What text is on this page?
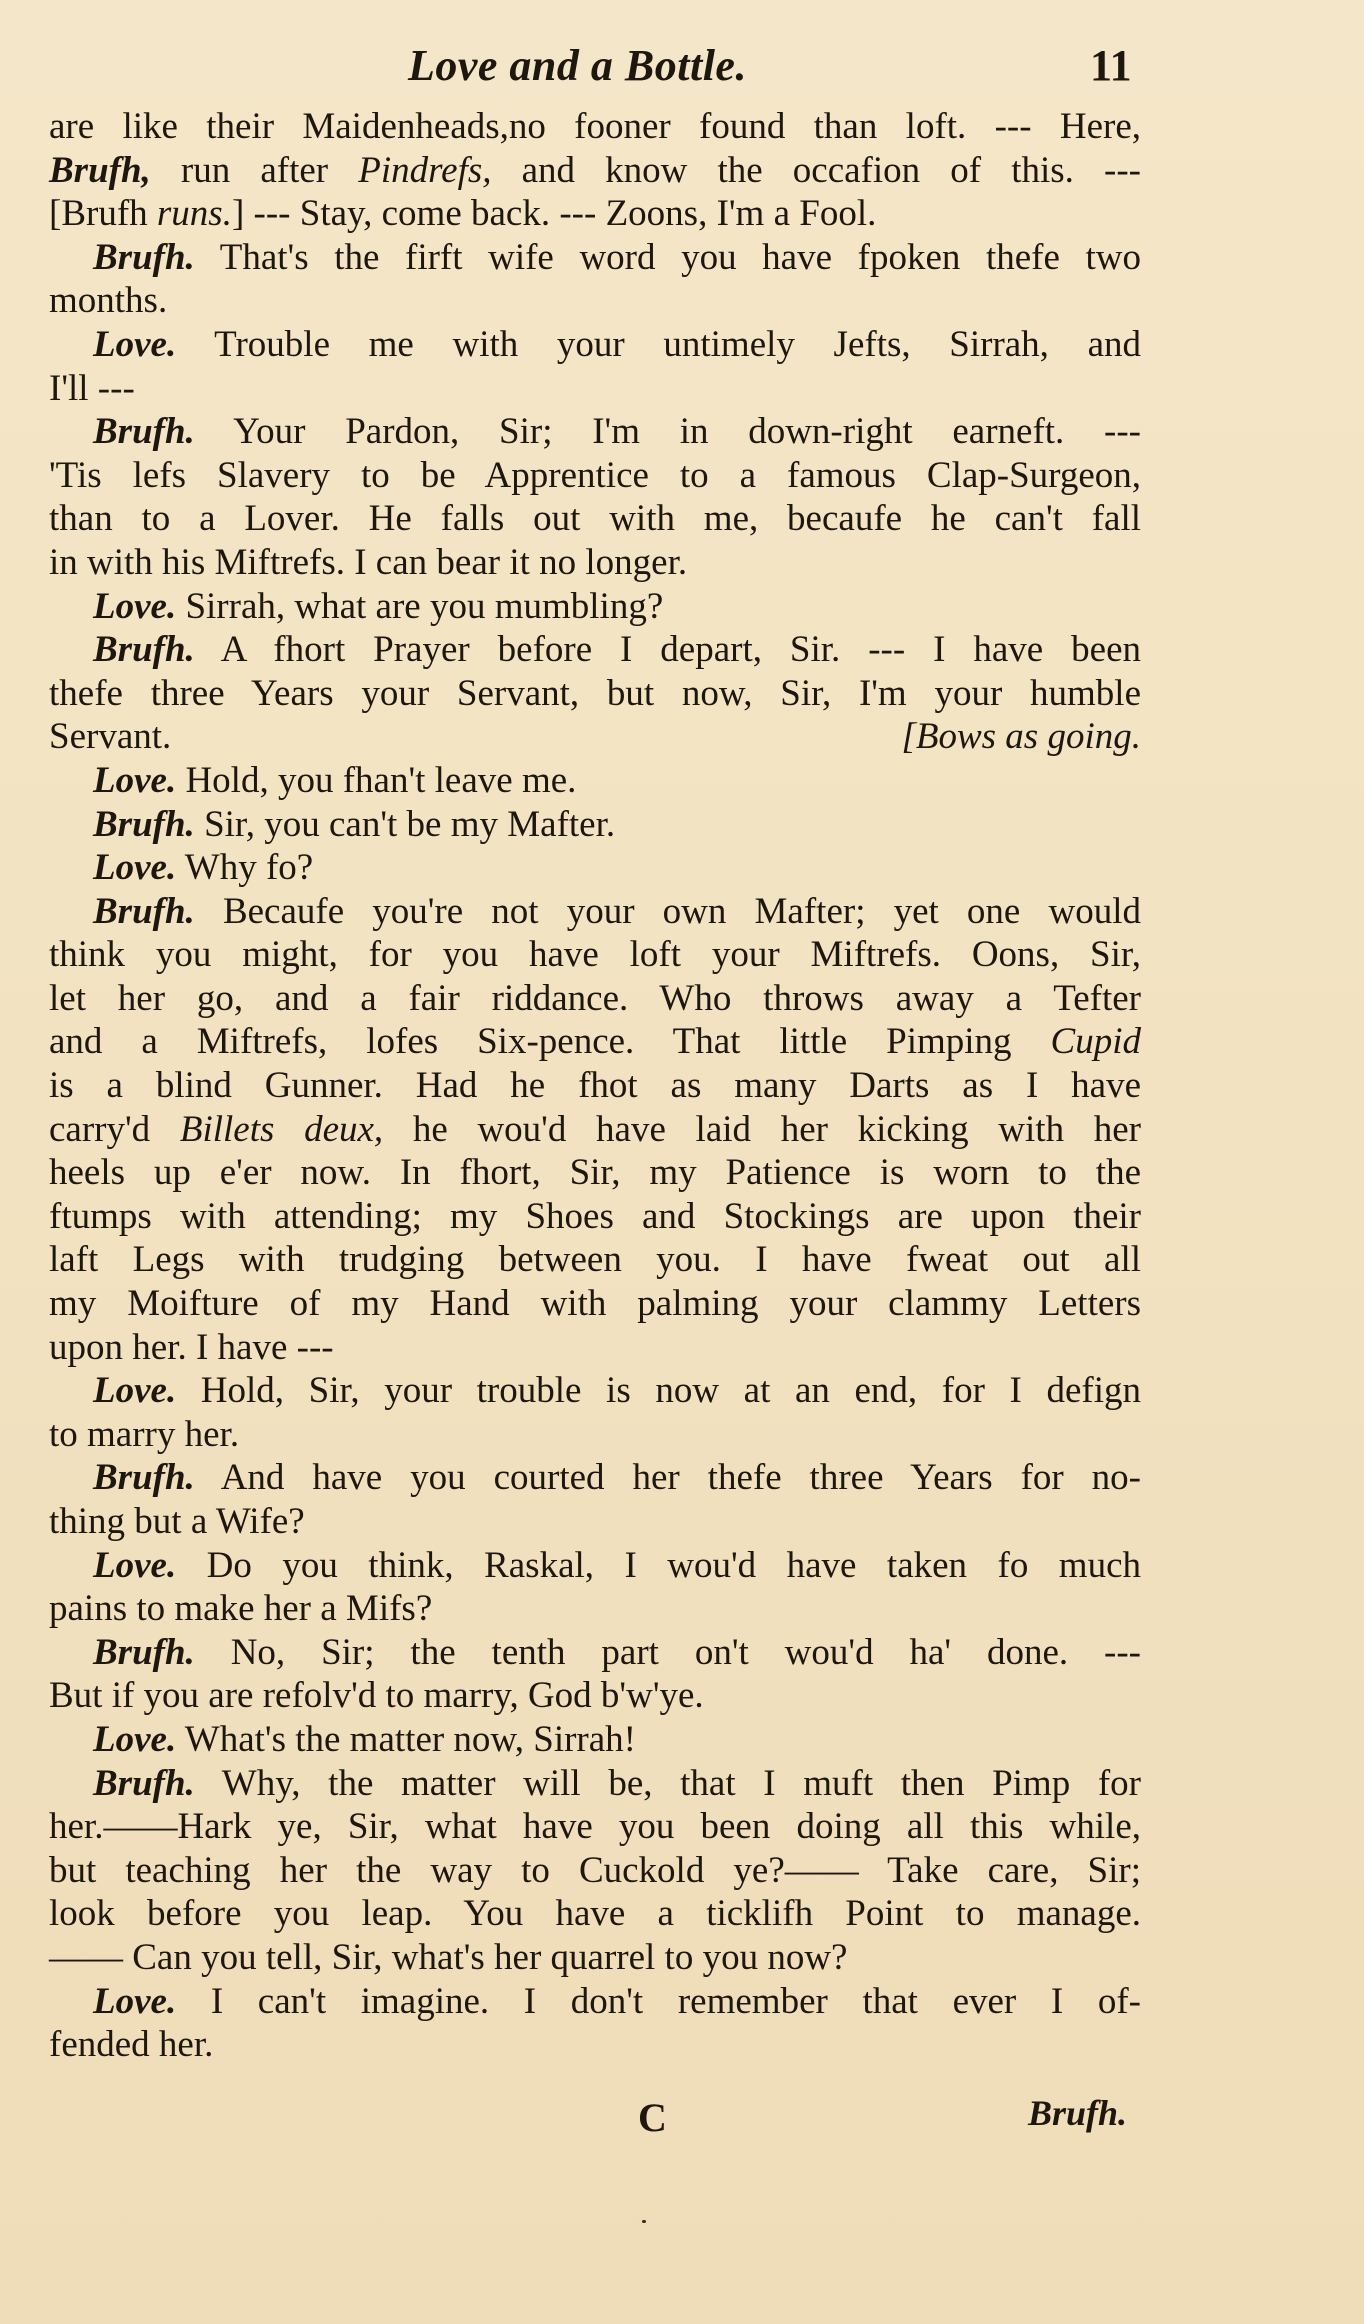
Love and a Bottle.	11
are like their Maidenheads,no fooner found than loft. --- Here,
Brufh, run after Pindrefs, and know the occafion of this. ---
[Brufh runs.] --- Stay, come back. --- Zoons, I'm a Fool.
Brufh. That's the firft wife word you have fpoken thefe two
months.
Love. Trouble me with your untimely Jefts, Sirrah, and
I'll ---
Brufh. Your Pardon, Sir; I'm in down-right earneft. ---
'Tis lefs Slavery to be Apprentice to a famous Clap-Surgeon,
than to a Lover. He falls out with me, becaufe he can't fall
in with his Miftrefs. I can bear it no longer.
Love. Sirrah, what are you mumbling?
Brufh. A fhort Prayer before I depart, Sir. --- I have been
thefe three Years your Servant, but now, Sir, I'm your humble
Servant.	[Bows as going.
Love. Hold, you fhan't leave me.
Brufh. Sir, you can't be my Mafter.
Love. Why fo?
Brufh. Becaufe you're not your own Mafter; yet one would
think you might, for you have loft your Miftrefs. Oons, Sir,
let her go, and a fair riddance. Who throws away a Tefter
and a Miftrefs, lofes Six-pence. That little Pimping Cupid
is a blind Gunner. Had he fhot as many Darts as I have
carry'd Billets deux, he wou'd have laid her kicking with her
heels up e'er now. In fhort, Sir, my Patience is worn to the
ftumps with attending; my Shoes and Stockings are upon their
laft Legs with trudging between you. I have fweat out all
my Moifture of my Hand with palming your clammy Letters
upon her. I have ---
Love. Hold, Sir, your trouble is now at an end, for I defign
to marry her.
Brufh. And have you courted her thefe three Years for no-
thing but a Wife?
Love. Do you think, Raskal, I wou'd have taken fo much
pains to make her a Mifs?
Brufh. No, Sir; the tenth part on't wou'd ha' done. ---
But if you are refolv'd to marry, God b'w'ye.
Love. What's the matter now, Sirrah!
Brufh. Why, the matter will be, that I muft then Pimp for
her.——Hark ye, Sir, what have you been doing all this while,
but teaching her the way to Cuckold ye?—— Take care, Sir;
look before you leap. You have a ticklifh Point to manage.
—— Can you tell, Sir, what's her quarrel to you now?
Love. I can't imagine. I don't remember that ever I of-
fended her.
C	Brufh.
